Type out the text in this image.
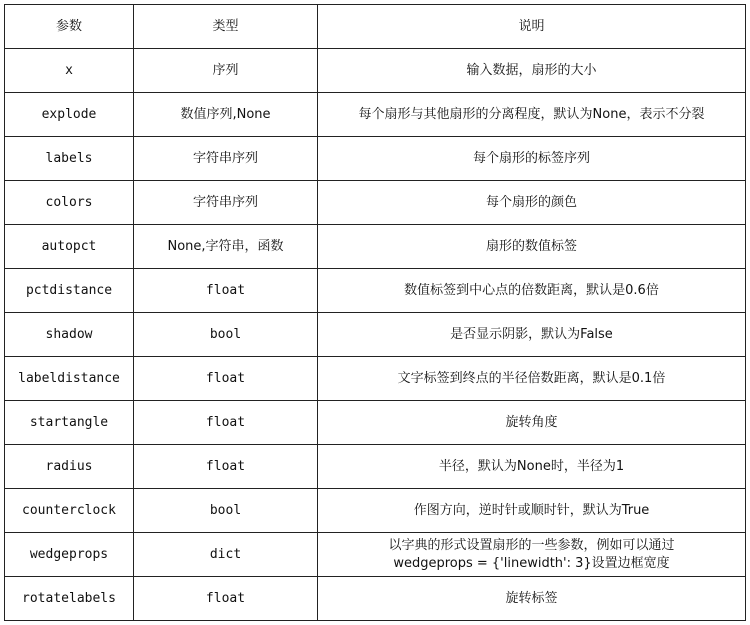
参数	类型	说明
x	序列	输入数据，扇形的大小
explode	数值序列,None	每个扇形与其他扇形的分离程度，默认为None，表示不分裂
labels	字符串序列	每个扇形的标签序列
colors	字符串序列	每个扇形的颜色
autopct	None,字符串，函数	扇形的数值标签
pctdistance	float	数值标签到中心点的倍数距离，默认是0.6倍
shadow	bool	是否显示阴影，默认为False
labeldistance	float	文字标签到终点的半径倍数距离，默认是0.1倍
startangle	float	旋转角度
radius	float	半径，默认为None时，半径为1
counterclock	bool	作图方向，逆时针或顺时针，默认为True
wedgeprops	dict	以字典的形式设置扇形的一些参数，例如可以通过
wedgeprops = {'linewidth': 3}设置边框宽度

rotatelabels	float	旋转标签
